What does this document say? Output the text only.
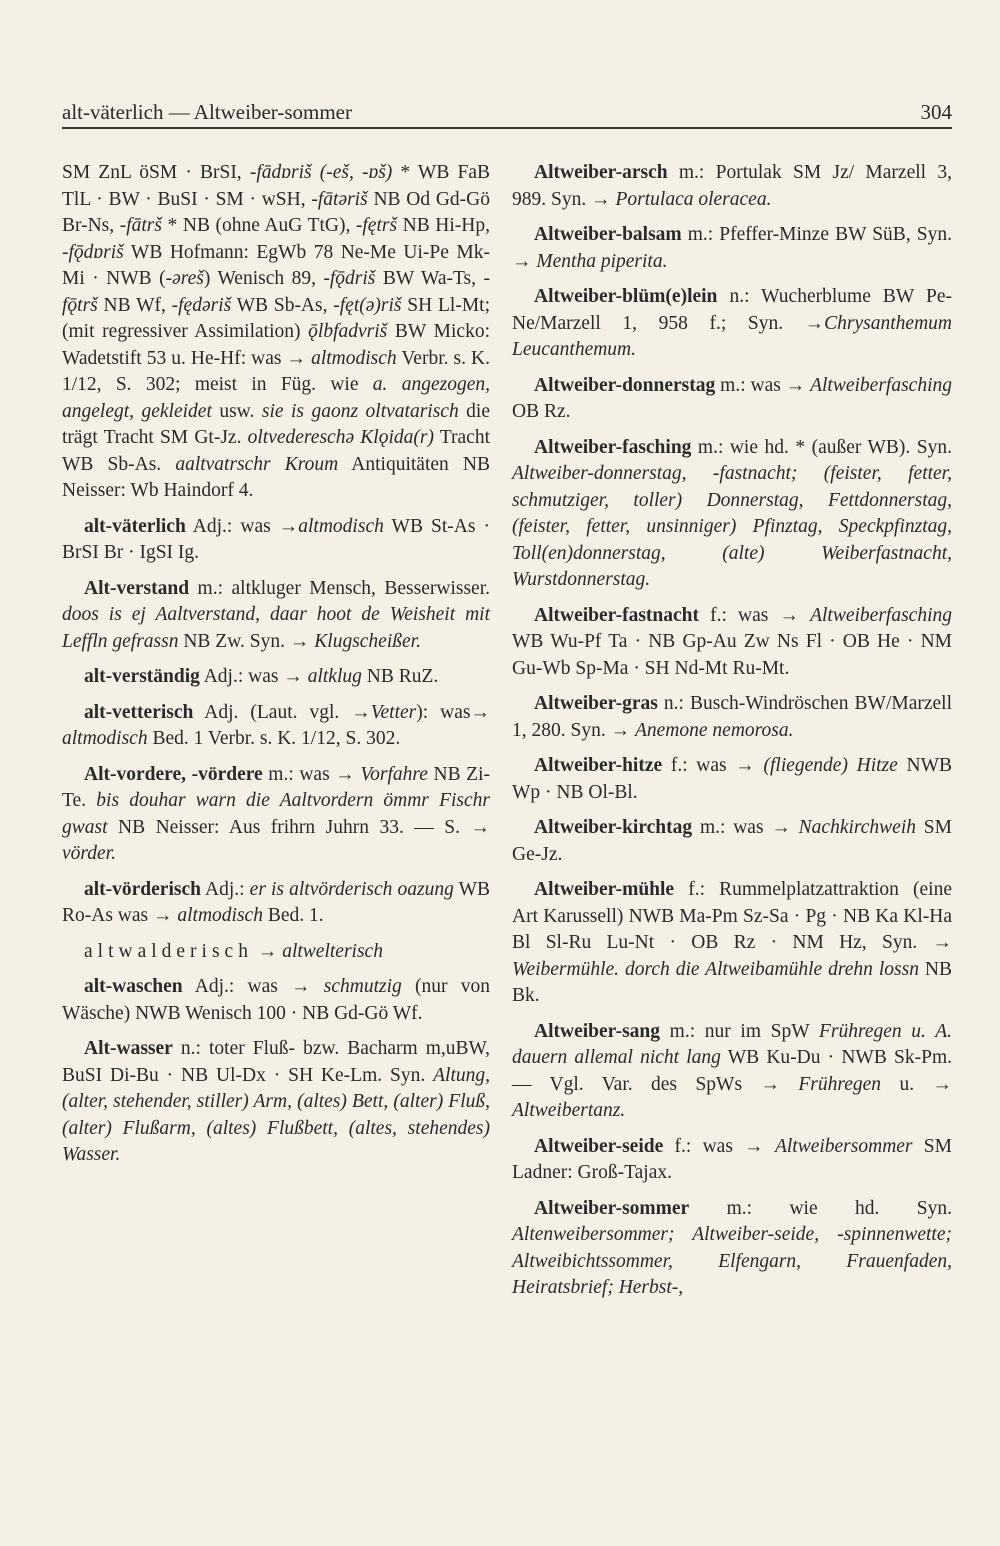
alt-väterlich — Altweiber-sommer	304

SM ZnL öSM · BrSI, -fādɒriš (-eš, -ɒš) * WB FaB TlL · BW · BuSI · SM · wSH, -fātəriš NB Od Gd-Gö Br-Ns, -fātrš * NB (ohne AuG TtG), -fętrš NB Hi-Hp, -fǭdɒriš WB Hofmann: EgWb 78 Ne-Me Ui-Pe Mk-Mi · NWB (-əreš) Wenisch 89, -fǭdriš BW Wa-Ts, -fǭtrš NB Wf, -fędəriš WB Sb-As, -fęt(ə)riš SH Ll-Mt; (mit regressiver Assimilation) ǭlbfadvriš BW Micko: Wadetstift 53 u. He-Hf: was → altmodisch Verbr. s. K. 1/12, S. 302; meist in Füg. wie a. angezogen, angelegt, gekleidet usw. sie is gaonz oltvatarisch die trägt Tracht SM Gt-Jz. oltvedereschə Klǫida(r) Tracht WB Sb-As. aaltvatrschr Kroum Antiquitäten NB Neisser: Wb Haindorf 4.

alt-väterlich Adj.: was →altmodisch WB St-As · BrSI Br · IgSI Ig.

Alt-verstand m.: altkluger Mensch, Besserwisser. doos is ej Aaltverstand, daar hoot de Weisheit mit Leffln gefrassn NB Zw. Syn. → Klugscheißer.

alt-verständig Adj.: was → altklug NB RuZ.

alt-vetterisch Adj. (Laut. vgl. →Vetter): was→ altmodisch Bed. 1 Verbr. s. K. 1/12, S. 302.

Alt-vordere, -vördere m.: was → Vorfahre NB Zi-Te. bis douhar warn die Aaltvordern ömmr Fischr gwast NB Neisser: Aus frihrn Juhrn 33. — S. → vörder.

alt-vörderisch Adj.: er is altvörderisch oazung WB Ro-As was → altmodisch Bed. 1.

altwalderisch → altwelterisch

alt-waschen Adj.: was → schmutzig (nur von Wäsche) NWB Wenisch 100 · NB Gd-Gö Wf.

Alt-wasser n.: toter Fluß- bzw. Bacharm m,uBW, BuSI Di-Bu · NB Ul-Dx · SH Ke-Lm. Syn. Altung, (alter, stehender, stiller) Arm, (altes) Bett, (alter) Fluß, (alter) Flußarm, (altes) Flußbett, (altes, stehendes) Wasser.

Altweiber-arsch m.: Portulak SM Jz/ Marzell 3, 989. Syn. → Portulaca oleracea.

Altweiber-balsam m.: Pfeffer-Minze BW SüB, Syn. → Mentha piperita.

Altweiber-blüm(e)lein n.: Wucherblume BW Pe-Ne/Marzell 1, 958 f.; Syn. →Chrysanthemum Leucanthemum.

Altweiber-donnerstag m.: was → Altweiberfasching OB Rz.

Altweiber-fasching m.: wie hd. * (außer WB). Syn. Altweiber-donnerstag, -fastnacht; (feister, fetter, schmutziger, toller) Donnerstag, Fettdonnerstag, (feister, fetter, unsinniger) Pfinztag, Speckpfinztag, Toll(en)donnerstag, (alte) Weiberfastnacht, Wurstdonnerstag.

Altweiber-fastnacht f.: was → Altweiberfasching WB Wu-Pf Ta · NB Gp-Au Zw Ns Fl · OB He · NM Gu-Wb Sp-Ma · SH Nd-Mt Ru-Mt.

Altweiber-gras n.: Busch-Windröschen BW/Marzell 1, 280. Syn. → Anemone nemorosa.

Altweiber-hitze f.: was → (fliegende) Hitze NWB Wp · NB Ol-Bl.

Altweiber-kirchtag m.: was → Nachkirchweih SM Ge-Jz.

Altweiber-mühle f.: Rummelplatzattraktion (eine Art Karussell) NWB Ma-Pm Sz-Sa · Pg · NB Ka Kl-Ha Bl Sl-Ru Lu-Nt · OB Rz · NM Hz, Syn. → Weibermühle. dorch die Altweibamühle drehn lossn NB Bk.

Altweiber-sang m.: nur im SpW Frühregen u. A. dauern allemal nicht lang WB Ku-Du · NWB Sk-Pm. — Vgl. Var. des SpWs → Frühregen u. → Altweibertanz.

Altweiber-seide f.: was → Altweibersommer SM Ladner: Groß-Tajax.

Altweiber-sommer m.: wie hd. Syn. Altenweibersommer; Altweiber-seide, -spinnenwette; Altweibichtssommer, Elfengarn, Frauenfaden, Heiratsbrief; Herbst-,
